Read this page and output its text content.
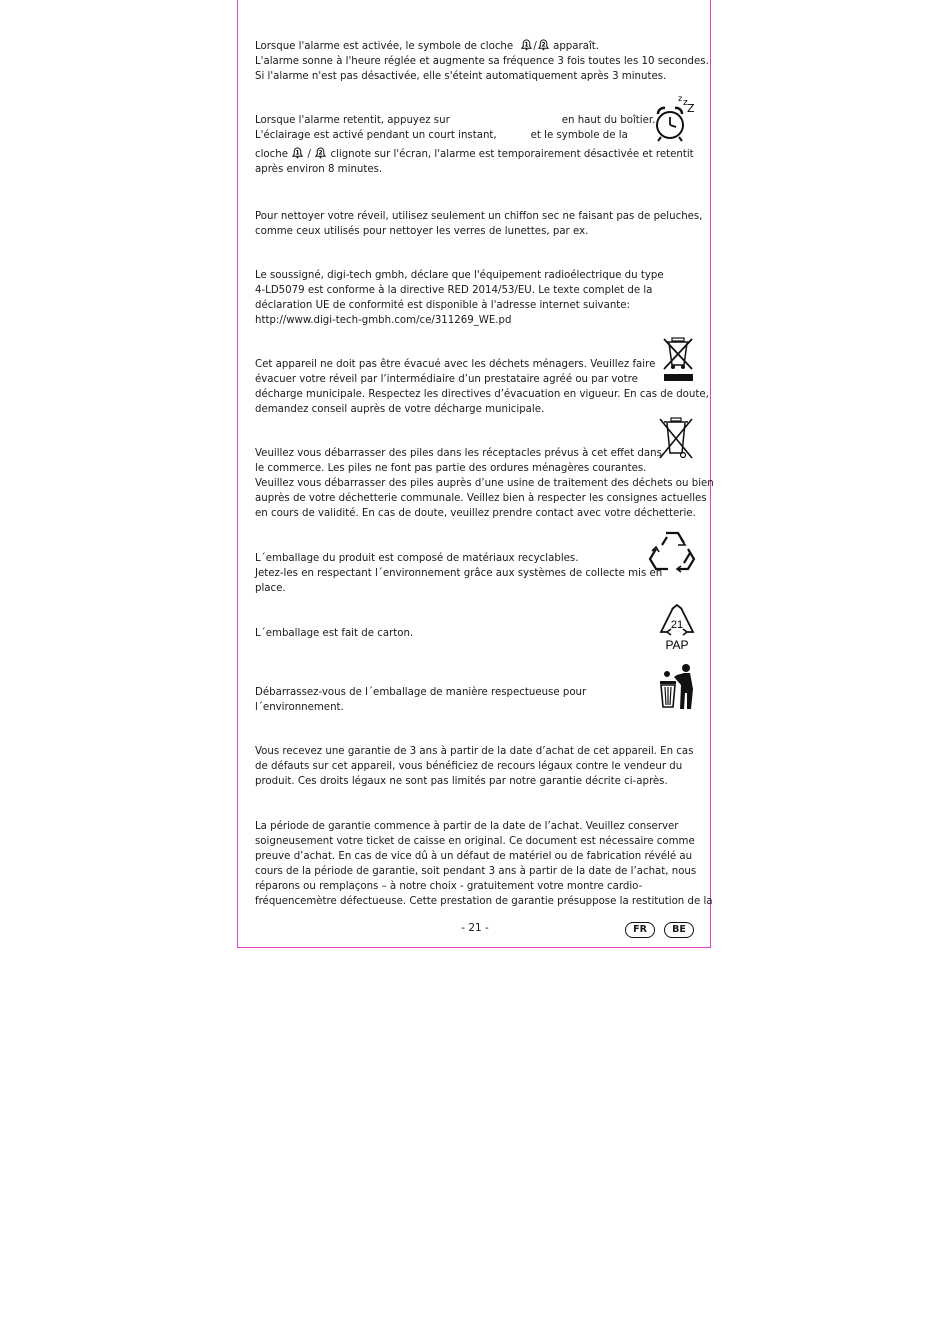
Lorsque l'alarme est activée, le symbole de cloche 1 / 2 apparaît.

L'alarme sonne à l'heure réglée et augmente sa fréquence 3 fois toutes les 10 secondes.

Si l'alarme n'est pas désactivée, elle s'éteint automatiquement après 3 minutes.

Lorsque l'alarme retentit, appuyez sur	en haut du boîtier.

L'éclairage est activé pendant un court instant,	et le symbole de la

cloche 1 / 2 clignote sur l'écran, l'alarme est temporairement désactivée et retentit

après environ 8 minutes.

z z Z

Pour nettoyer votre réveil, utilisez seulement un chiffon sec ne faisant pas de peluches,

comme ceux utilisés pour nettoyer les verres de lunettes, par ex.

Le soussigné, digi-tech gmbh, déclare que l'équipement radioélectrique du type

4-LD5079 est conforme à la directive RED 2014/53/EU. Le texte complet de la

déclaration UE de conformité est disponible à l'adresse internet suivante:

http://www.digi-tech-gmbh.com/ce/311269_WE.pd

Cet appareil ne doit pas être évacué avec les déchets ménagers. Veuillez faire

évacuer votre réveil par l’intermédiaire d’un prestataire agréé ou par votre

décharge municipale. Respectez les directives d’évacuation en vigueur. En cas de doute,

demandez conseil auprès de votre décharge municipale.

Veuillez vous débarrasser des piles dans les réceptacles prévus à cet effet dans

le commerce. Les piles ne font pas partie des ordures ménagères courantes.

Veuillez vous débarrasser des piles auprès d’une usine de traitement des déchets ou bien

auprès de votre déchetterie communale. Veillez bien à respecter les consignes actuelles

en cours de validité. En cas de doute, veuillez prendre contact avec votre déchetterie.

L´emballage du produit est composé de matériaux recyclables.

Jetez-les en respectant l´environnement grâce aux systèmes de collecte mis en

place.

L´emballage est fait de carton.

21
PAP

Débarrassez-vous de l´emballage de manière respectueuse pour

l´environnement.

Vous recevez une garantie de 3 ans à partir de la date d’achat de cet appareil. En cas

de défauts sur cet appareil, vous bénéficiez de recours légaux contre le vendeur du

produit. Ces droits légaux ne sont pas limités par notre garantie décrite ci-après.

La période de garantie commence à partir de la date de l’achat. Veuillez conserver

soigneusement votre ticket de caisse en original. Ce document est nécessaire comme

preuve d’achat. En cas de vice dû à un défaut de matériel ou de fabrication révélé au

cours de la période de garantie, soit pendant 3 ans à partir de la date de l’achat, nous

réparons ou remplaçons – à notre choix - gratuitement votre montre cardio-

fréquencemètre défectueuse. Cette prestation de garantie présuppose la restitution de la

- 21 -	FR	BE
